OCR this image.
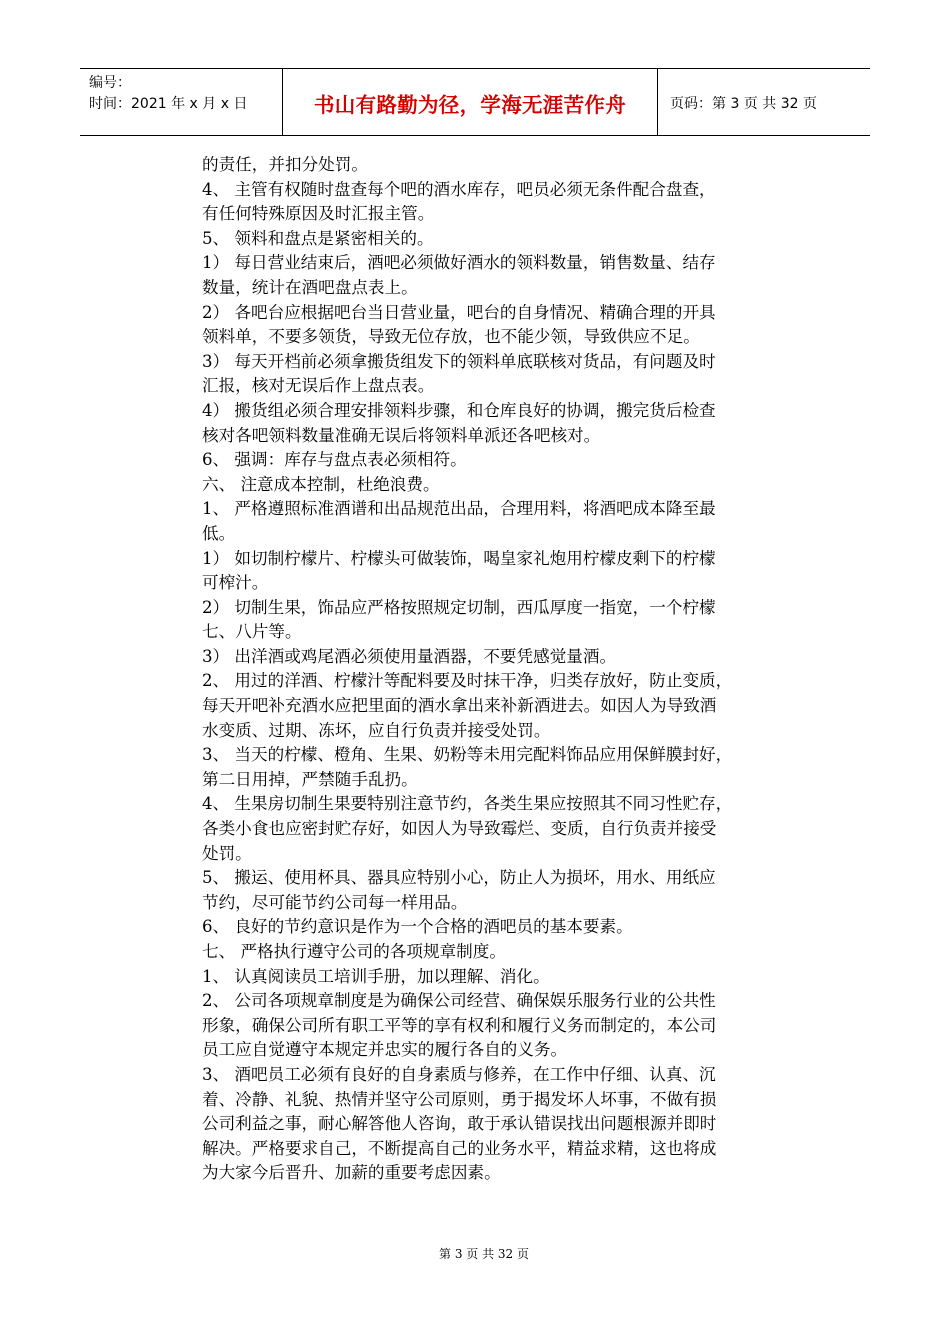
编号：
时间：2021 年 x 月 x 日	书山有路勤为径，学海无涯苦作舟	页码：第 3 页 共 32 页

的责任，并扣分处罚。

4、 主管有权随时盘查每个吧的酒水库存，吧员必须无条件配合盘查，

有任何特殊原因及时汇报主管。

5、 领料和盘点是紧密相关的。

1） 每日营业结束后，酒吧必须做好酒水的领料数量，销售数量、结存

数量，统计在酒吧盘点表上。

2） 各吧台应根据吧台当日营业量，吧台的自身情况、精确合理的开具

领料单，不要多领货，导致无位存放，也不能少领，导致供应不足。

3） 每天开档前必须拿搬货组发下的领料单底联核对货品，有问题及时

汇报，核对无误后作上盘点表。

4） 搬货组必须合理安排领料步骤，和仓库良好的协调，搬完货后检查

核对各吧领料数量准确无误后将领料单派还各吧核对。

6、 强调：库存与盘点表必须相符。

六、 注意成本控制，杜绝浪费。

1、 严格遵照标准酒谱和出品规范出品，合理用料，将酒吧成本降至最

低。

1） 如切制柠檬片、柠檬头可做装饰，喝皇家礼炮用柠檬皮剩下的柠檬

可榨汁。

2） 切制生果，饰品应严格按照规定切制，西瓜厚度一指宽，一个柠檬

七、八片等。

3） 出洋酒或鸡尾酒必须使用量酒器，不要凭感觉量酒。

2、 用过的洋酒、柠檬汁等配料要及时抹干净，归类存放好，防止变质，

每天开吧补充酒水应把里面的酒水拿出来补新酒进去。如因人为导致酒

水变质、过期、冻坏，应自行负责并接受处罚。

3、 当天的柠檬、橙角、生果、奶粉等未用完配料饰品应用保鲜膜封好，

第二日用掉，严禁随手乱扔。

4、 生果房切制生果要特别注意节约，各类生果应按照其不同习性贮存，

各类小食也应密封贮存好，如因人为导致霉烂、变质，自行负责并接受

处罚。

5、 搬运、使用杯具、器具应特别小心，防止人为损坏，用水、用纸应

节约，尽可能节约公司每一样用品。

6、 良好的节约意识是作为一个合格的酒吧员的基本要素。

七、 严格执行遵守公司的各项规章制度。

1、 认真阅读员工培训手册，加以理解、消化。

2、 公司各项规章制度是为确保公司经营、确保娱乐服务行业的公共性

形象，确保公司所有职工平等的享有权利和履行义务而制定的，本公司

员工应自觉遵守本规定并忠实的履行各自的义务。

3、 酒吧员工必须有良好的自身素质与修养，在工作中仔细、认真、沉

着、冷静、礼貌、热情并坚守公司原则，勇于揭发坏人坏事，不做有损

公司利益之事，耐心解答他人咨询，敢于承认错误找出问题根源并即时

解决。严格要求自己，不断提高自己的业务水平，精益求精，这也将成

为大家今后晋升、加薪的重要考虑因素。

第 3 页 共 32 页
